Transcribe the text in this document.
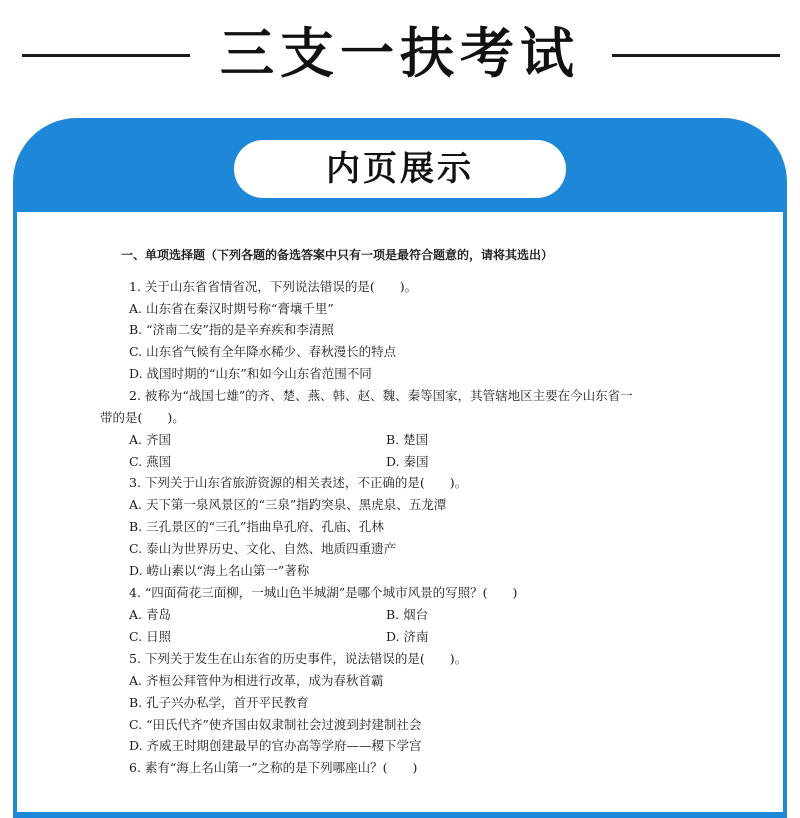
三支一扶考试
内页展示
一、单项选择题（下列各题的备选答案中只有一项是最符合题意的，请将其选出）
1. 关于山东省省情省况，下列说法错误的是(　　)。
A. 山东省在秦汉时期号称“膏壤千里”
B. “济南二安”指的是辛弃疾和李清照
C. 山东省气候有全年降水稀少、春秋漫长的特点
D. 战国时期的“山东”和如今山东省范围不同
2. 被称为“战国七雄”的齐、楚、燕、韩、赵、魏、秦等国家，其管辖地区主要在今山东省一
带的是(　　)。
A. 齐国	B. 楚国
C. 燕国	D. 秦国
3. 下列关于山东省旅游资源的相关表述，不正确的是(　　)。
A. 天下第一泉风景区的“三泉”指趵突泉、黑虎泉、五龙潭
B. 三孔景区的“三孔”指曲阜孔府、孔庙、孔林
C. 泰山为世界历史、文化、自然、地质四重遗产
D. 崂山素以“海上名山第一”著称
4. “四面荷花三面柳，一城山色半城湖”是哪个城市风景的写照？(　　)
A. 青岛	B. 烟台
C. 日照	D. 济南
5. 下列关于发生在山东省的历史事件，说法错误的是(　　)。
A. 齐桓公拜管仲为相进行改革，成为春秋首霸
B. 孔子兴办私学，首开平民教育
C. “田氏代齐”使齐国由奴隶制社会过渡到封建制社会
D. 齐威王时期创建最早的官办高等学府——稷下学宫
6. 素有“海上名山第一”之称的是下列哪座山？(　　)
